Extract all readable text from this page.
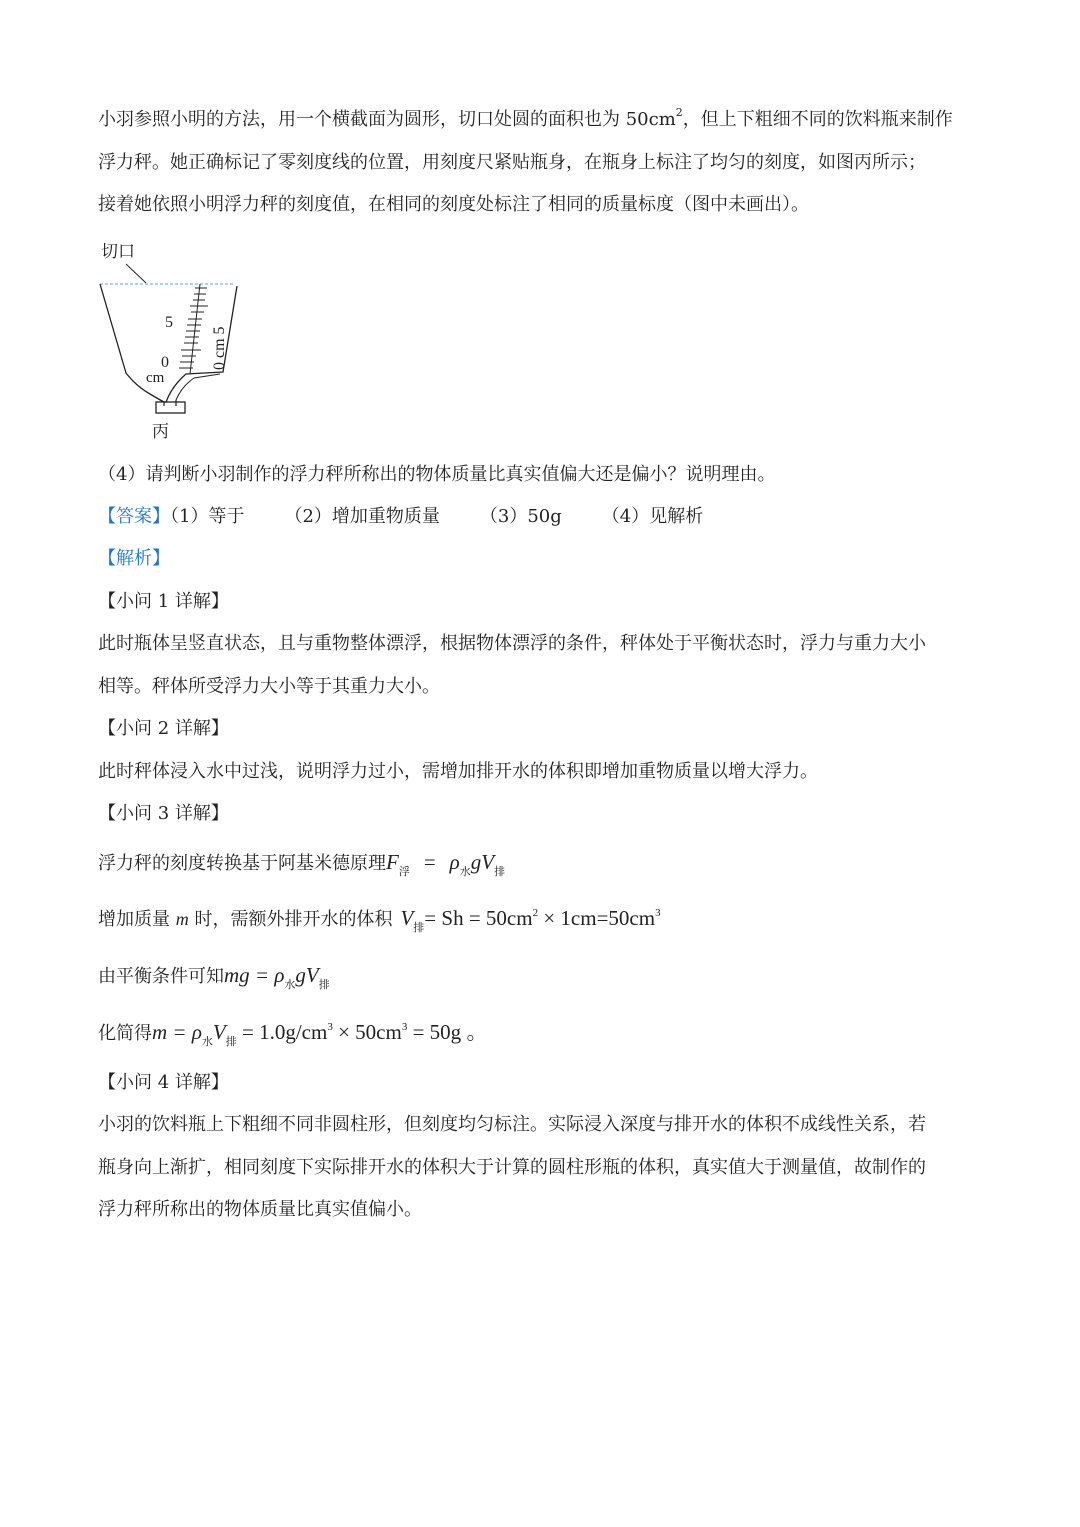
小羽参照小明的方法，用一个横截面为圆形，切口处圆的面积也为 $50cm^2$，但上下粗细不同的饮料瓶来制作
浮力秤。她正确标记了零刻度线的位置，用刻度尺紧贴瓶身，在瓶身上标注了均匀的刻度，如图丙所示；
接着她依照小明浮力秤的刻度值，在相同的刻度处标注了相同的质量标度（图中未画出）。
切口
5
0
cm
0 cm 5
丙
（4）请判断小羽制作的浮力秤所称出的物体质量比真实值偏大还是偏小？说明理由。
【答案】（1）等于 （2）增加重物质量 （3）50g （4）见解析
【解析】
【小问 1 详解】
此时瓶体呈竖直状态，且与重物整体漂浮，根据物体漂浮的条件，秤体处于平衡状态时，浮力与重力大小
相等。秤体所受浮力大小等于其重力大小。
【小问 2 详解】
此时秤体浸入水中过浅，说明浮力过小，需增加排开水的体积即增加重物质量以增大浮力。
【小问 3 详解】
浮力秤的刻度转换基于阿基米德原理$F_浮 = \rho_水gV_排$
增加质量 m 时，需额外排开水的体积 $V_排= Sh = 50cm^2 \times 1cm=50cm^3$
由平衡条件可知mg = $\rho_水gV_排$
化简得$m = \rho_水V_排 = 1.0g/cm^3 \times 50cm^3 = 50g$ 。
【小问 4 详解】
小羽的饮料瓶上下粗细不同非圆柱形，但刻度均匀标注。实际浸入深度与排开水的体积不成线性关系，若
瓶身向上渐扩，相同刻度下实际排开水的体积大于计算的圆柱形瓶的体积，真实值大于测量值，故制作的
浮力秤所称出的物体质量比真实值偏小。
